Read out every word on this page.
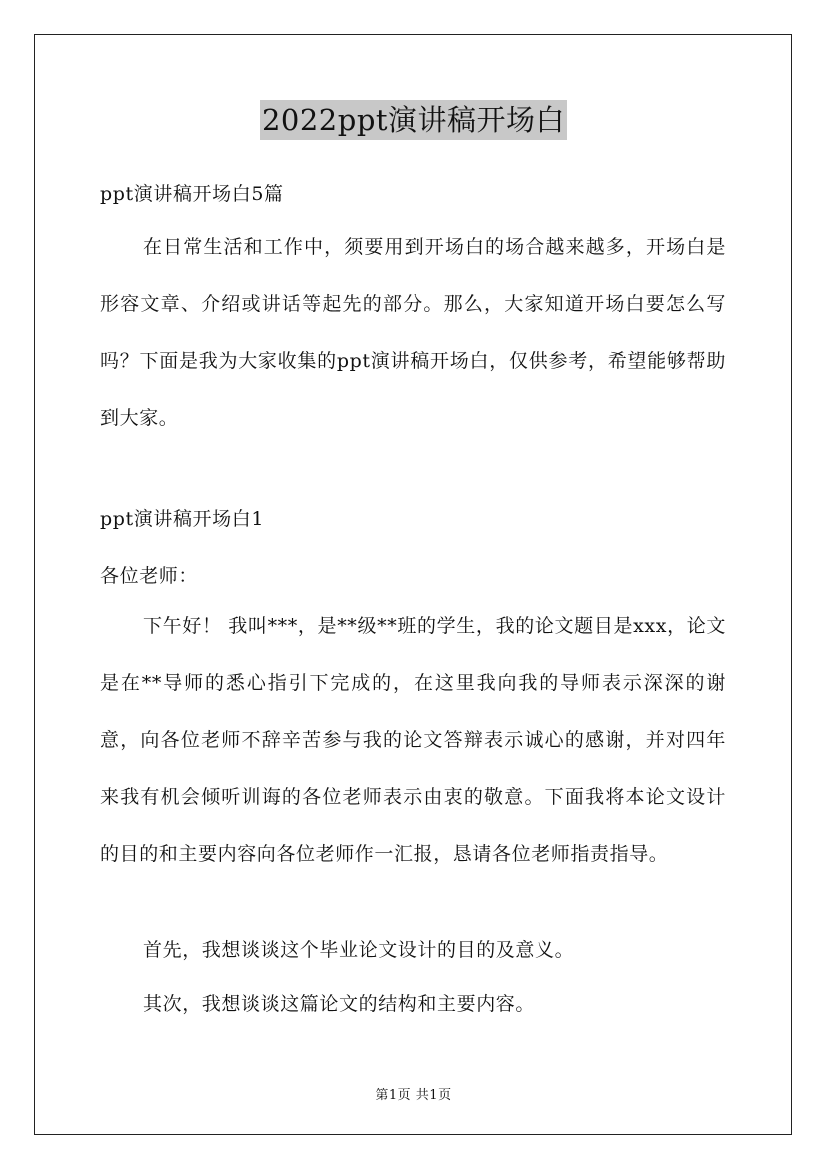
2022ppt演讲稿开场白
ppt演讲稿开场白5篇
在日常生活和工作中，须要用到开场白的场合越来越多，开场白是形容文章、介绍或讲话等起先的部分。那么，大家知道开场白要怎么写吗？下面是我为大家收集的ppt演讲稿开场白，仅供参考，希望能够帮助到大家。
ppt演讲稿开场白1
各位老师：
下午好！ 我叫***，是**级**班的学生，我的论文题目是xxx，论文是在**导师的悉心指引下完成的，在这里我向我的导师表示深深的谢意，向各位老师不辞辛苦参与我的论文答辩表示诚心的感谢，并对四年来我有机会倾听训诲的各位老师表示由衷的敬意。下面我将本论文设计的目的和主要内容向各位老师作一汇报，恳请各位老师指责指导。
首先，我想谈谈这个毕业论文设计的目的及意义。
其次，我想谈谈这篇论文的结构和主要内容。
第1页 共1页
